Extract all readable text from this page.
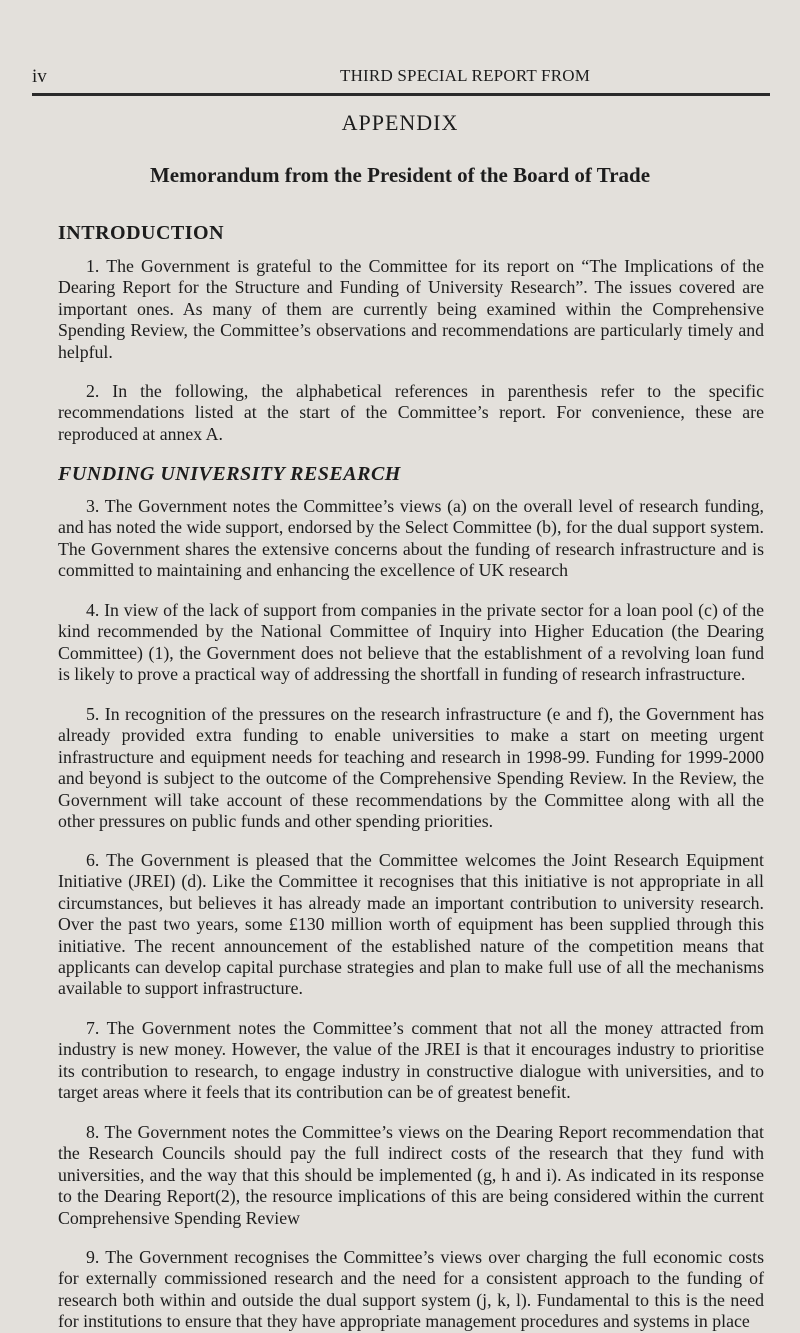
iv	THIRD SPECIAL REPORT FROM
APPENDIX
Memorandum from the President of the Board of Trade
INTRODUCTION
1. The Government is grateful to the Committee for its report on “The Implications of the Dearing Report for the Structure and Funding of University Research”. The issues covered are important ones. As many of them are currently being examined within the Comprehensive Spending Review, the Committee’s observations and recommendations are particularly timely and helpful.
2. In the following, the alphabetical references in parenthesis refer to the specific recommendations listed at the start of the Committee’s report. For convenience, these are reproduced at annex A.
FUNDING UNIVERSITY RESEARCH
3. The Government notes the Committee’s views (a) on the overall level of research funding, and has noted the wide support, endorsed by the Select Committee (b), for the dual support system. The Government shares the extensive concerns about the funding of research infrastructure and is committed to maintaining and enhancing the excellence of UK research
4. In view of the lack of support from companies in the private sector for a loan pool (c) of the kind recommended by the National Committee of Inquiry into Higher Education (the Dearing Committee) (1), the Government does not believe that the establishment of a revolving loan fund is likely to prove a practical way of addressing the shortfall in funding of research infrastructure.
5. In recognition of the pressures on the research infrastructure (e and f), the Government has already provided extra funding to enable universities to make a start on meeting urgent infrastructure and equipment needs for teaching and research in 1998-99. Funding for 1999-2000 and beyond is subject to the outcome of the Comprehensive Spending Review. In the Review, the Government will take account of these recommendations by the Committee along with all the other pressures on public funds and other spending priorities.
6. The Government is pleased that the Committee welcomes the Joint Research Equipment Initiative (JREI) (d). Like the Committee it recognises that this initiative is not appropriate in all circumstances, but believes it has already made an important contribution to university research. Over the past two years, some £130 million worth of equipment has been supplied through this initiative. The recent announcement of the established nature of the competition means that applicants can develop capital purchase strategies and plan to make full use of all the mechanisms available to support infrastructure.
7. The Government notes the Committee’s comment that not all the money attracted from industry is new money. However, the value of the JREI is that it encourages industry to prioritise its contribution to research, to engage industry in constructive dialogue with universities, and to target areas where it feels that its contribution can be of greatest benefit.
8. The Government notes the Committee’s views on the Dearing Report recommendation that the Research Councils should pay the full indirect costs of the research that they fund with universities, and the way that this should be implemented (g, h and i). As indicated in its response to the Dearing Report(2), the resource implications of this are being considered within the current Comprehensive Spending Review
9. The Government recognises the Committee’s views over charging the full economic costs for externally commissioned research and the need for a consistent approach to the funding of research both within and outside the dual support system (j, k, l). Fundamental to this is the need for institutions to ensure that they have appropriate management procedures and systems in place
